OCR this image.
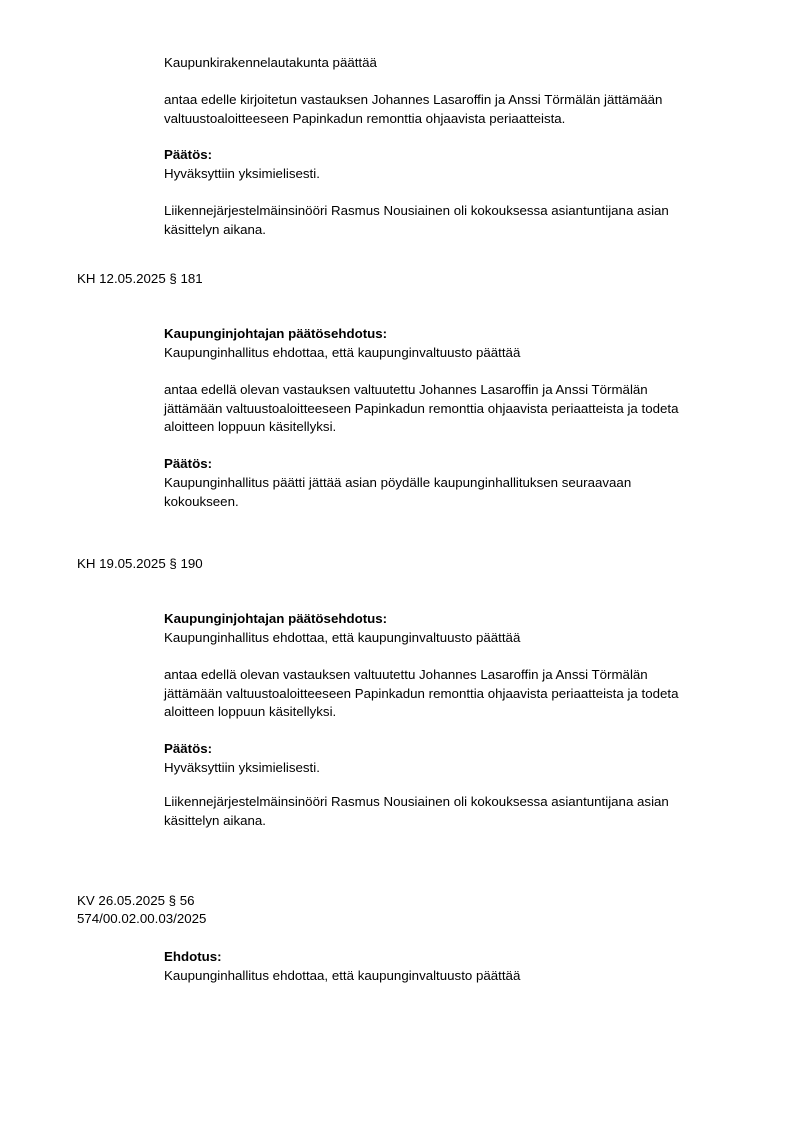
Kaupunkirakennelautakunta päättää

antaa edelle kirjoitetun vastauksen Johannes Lasaroffin ja Anssi Törmälän jättämään
valtuustoaloitteeseen Papinkadun remonttia ohjaavista periaatteista.

Päätös:

Hyväksyttiin yksimielisesti.

Liikennejärjestelmäinsinööri Rasmus Nousiainen oli kokouksessa asiantuntijana asian
käsittelyn aikana.

KH 12.05.2025 § 181

Kaupunginjohtajan päätösehdotus:

Kaupunginhallitus ehdottaa, että kaupunginvaltuusto päättää

antaa edellä olevan vastauksen valtuutettu Johannes Lasaroffin ja Anssi Törmälän
jättämään valtuustoaloitteeseen Papinkadun remonttia ohjaavista periaatteista ja todeta
aloitteen loppuun käsitellyksi.

Päätös:

Kaupunginhallitus päätti jättää asian pöydälle kaupunginhallituksen seuraavaan
kokoukseen.

KH 19.05.2025 § 190

Kaupunginjohtajan päätösehdotus:

Kaupunginhallitus ehdottaa, että kaupunginvaltuusto päättää

antaa edellä olevan vastauksen valtuutettu Johannes Lasaroffin ja Anssi Törmälän
jättämään valtuustoaloitteeseen Papinkadun remonttia ohjaavista periaatteista ja todeta
aloitteen loppuun käsitellyksi.

Päätös:

Hyväksyttiin yksimielisesti.

Liikennejärjestelmäinsinööri Rasmus Nousiainen oli kokouksessa asiantuntijana asian
käsittelyn aikana.

KV 26.05.2025 § 56

574/00.02.00.03/2025

Ehdotus:

Kaupunginhallitus ehdottaa, että kaupunginvaltuusto päättää
